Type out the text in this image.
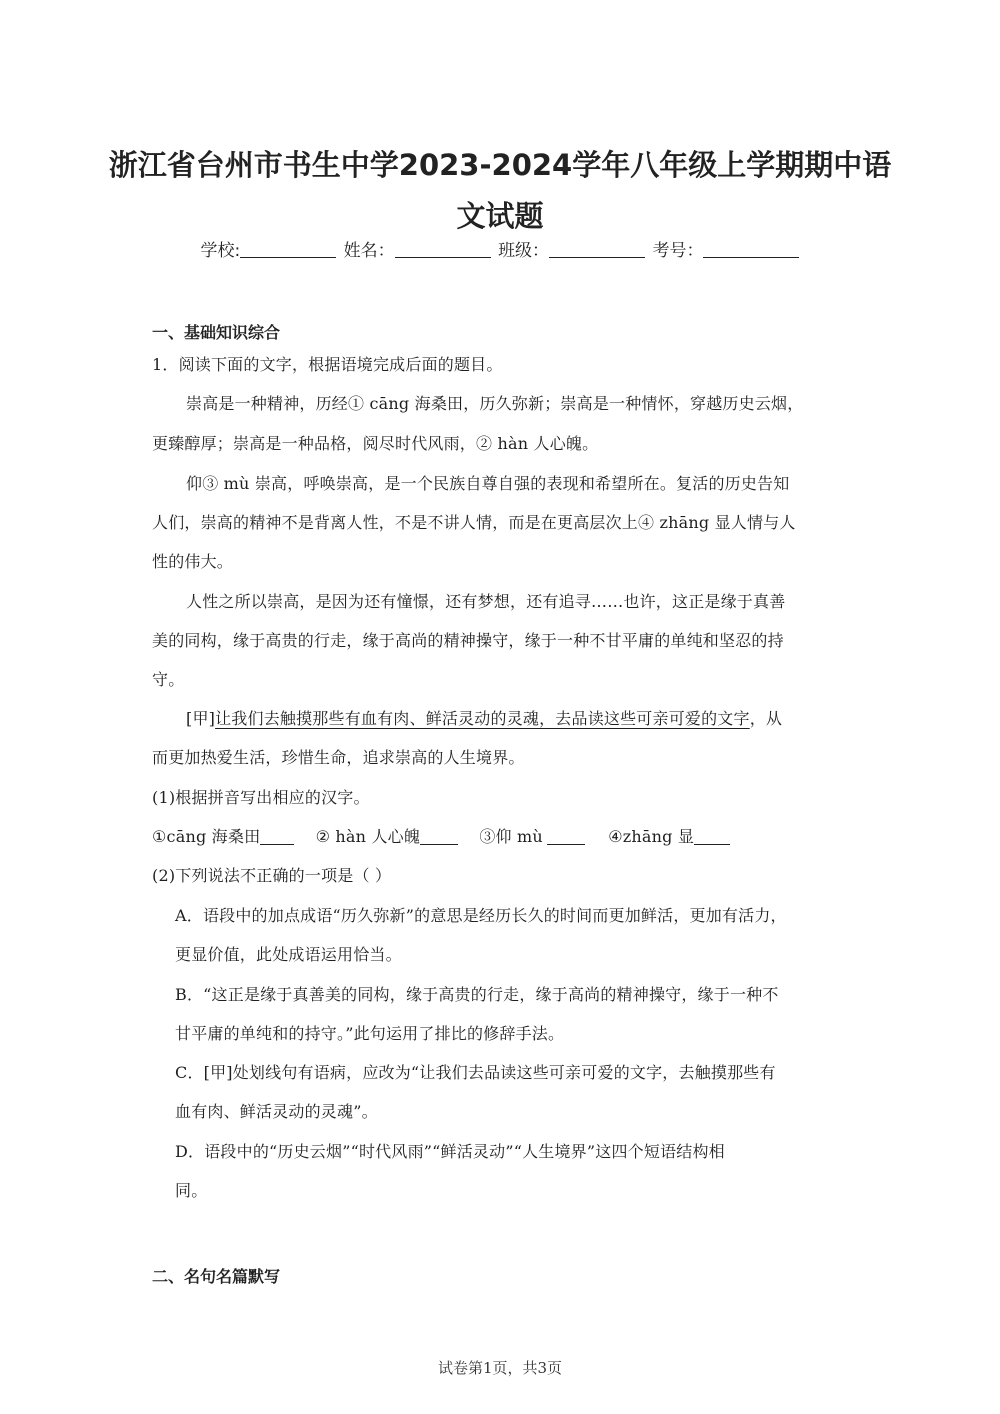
浙江省台州市书生中学2023-2024学年八年级上学期期中语
文试题
学校:	姓名：	班级：	考号：
一、基础知识综合
1．阅读下面的文字，根据语境完成后面的题目。
崇高是一种精神，历经① cāng 海桑田，历久弥新；崇高是一种情怀，穿越历史云烟，
更臻醇厚；崇高是一种品格，阅尽时代风雨，② hàn 人心魄。
仰③ mù 崇高，呼唤崇高，是一个民族自尊自强的表现和希望所在。复活的历史告知
人们，崇高的精神不是背离人性，不是不讲人情，而是在更高层次上④ zhāng 显人情与人
性的伟大。
人性之所以崇高，是因为还有憧憬，还有梦想，还有追寻……也许，这正是缘于真善
美的同构，缘于高贵的行走，缘于高尚的精神操守，缘于一种不甘平庸的单纯和坚忍的持
守。
[甲]让我们去触摸那些有血有肉、鲜活灵动的灵魂，去品读这些可亲可爱的文字，从
而更加热爱生活，珍惜生命，追求崇高的人生境界。
(1)根据拼音写出相应的汉字。
①cāng 海桑田	② hàn 人心魄	③仰 mù	④zhāng 显
(2)下列说法不正确的一项是（ ）
A．语段中的加点成语“历久弥新”的意思是经历长久的时间而更加鲜活，更加有活力，
更显价值，此处成语运用恰当。
B．“这正是缘于真善美的同构，缘于高贵的行走，缘于高尚的精神操守，缘于一种不
甘平庸的单纯和的持守。”此句运用了排比的修辞手法。
C．[甲]处划线句有语病，应改为“让我们去品读这些可亲可爱的文字，去触摸那些有
血有肉、鲜活灵动的灵魂”。
D．语段中的“历史云烟”“时代风雨”“鲜活灵动”“人生境界”这四个短语结构相
同。
二、名句名篇默写
试卷第1页，共3页
